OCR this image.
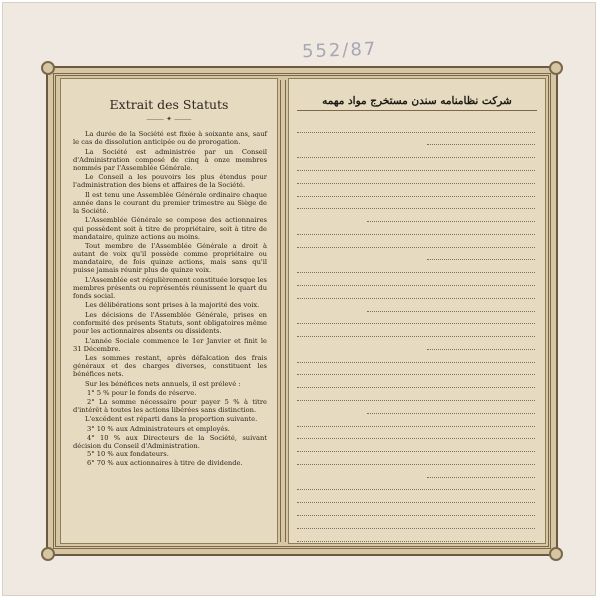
552/87
Extrait des Statuts
⸻ ✦ ⸻

La durée de la Société est fixée à soixante ans, sauf le cas de dissolution anticipée ou de prorogation.

La Société est administrée par un Conseil d'Administration composé de cinq à onze membres nommés par l'Assemblée Générale.

Le Conseil a les pouvoirs les plus étendus pour l'administration des biens et affaires de la Société.

Il est tenu une Assemblée Générale ordinaire chaque année dans le courant du premier trimestre au Siège de la Société.

L'Assemblée Générale se compose des actionnaires qui possèdent soit à titre de propriétaire, soit à titre de mandataire, quinze actions au moins.

Tout membre de l'Assemblée Générale a droit à autant de voix qu'il possède comme propriétaire ou mandataire, de fois quinze actions, mais sans qu'il puisse jamais réunir plus de quinze voix.

L'Assemblée est régulièrement constituée lorsque les membres présents ou représentés réunissent le quart du fonds social.

Les délibérations sont prises à la majorité des voix.

Les décisions de l'Assemblée Générale, prises en conformité des présents Statuts, sont obligatoires même pour les actionnaires absents ou dissidents.

L'année Sociale commence le 1er Janvier et finit le 31 Décembre.

Les sommes restant, après défalcation des frais généraux et des charges diverses, constituent les bénéfices nets.

Sur les bénéfices nets annuels, il est prélevé :

1° 5 % pour le fonds de réserve.

2° La somme nécessaire pour payer 5 % à titre d'intérêt à toutes les actions libérées sans distinction.

L'excédent est réparti dans la proportion suivante.

3° 10 % aux Administrateurs et employés.

4° 10 % aux Directeurs de la Société, suivant décision du Conseil d'Administration.

5° 10 % aux fondateurs.

6° 70 % aux actionnaires à titre de dividende.

شركت نظامنامه سندن مستخرج مواد مهمه
